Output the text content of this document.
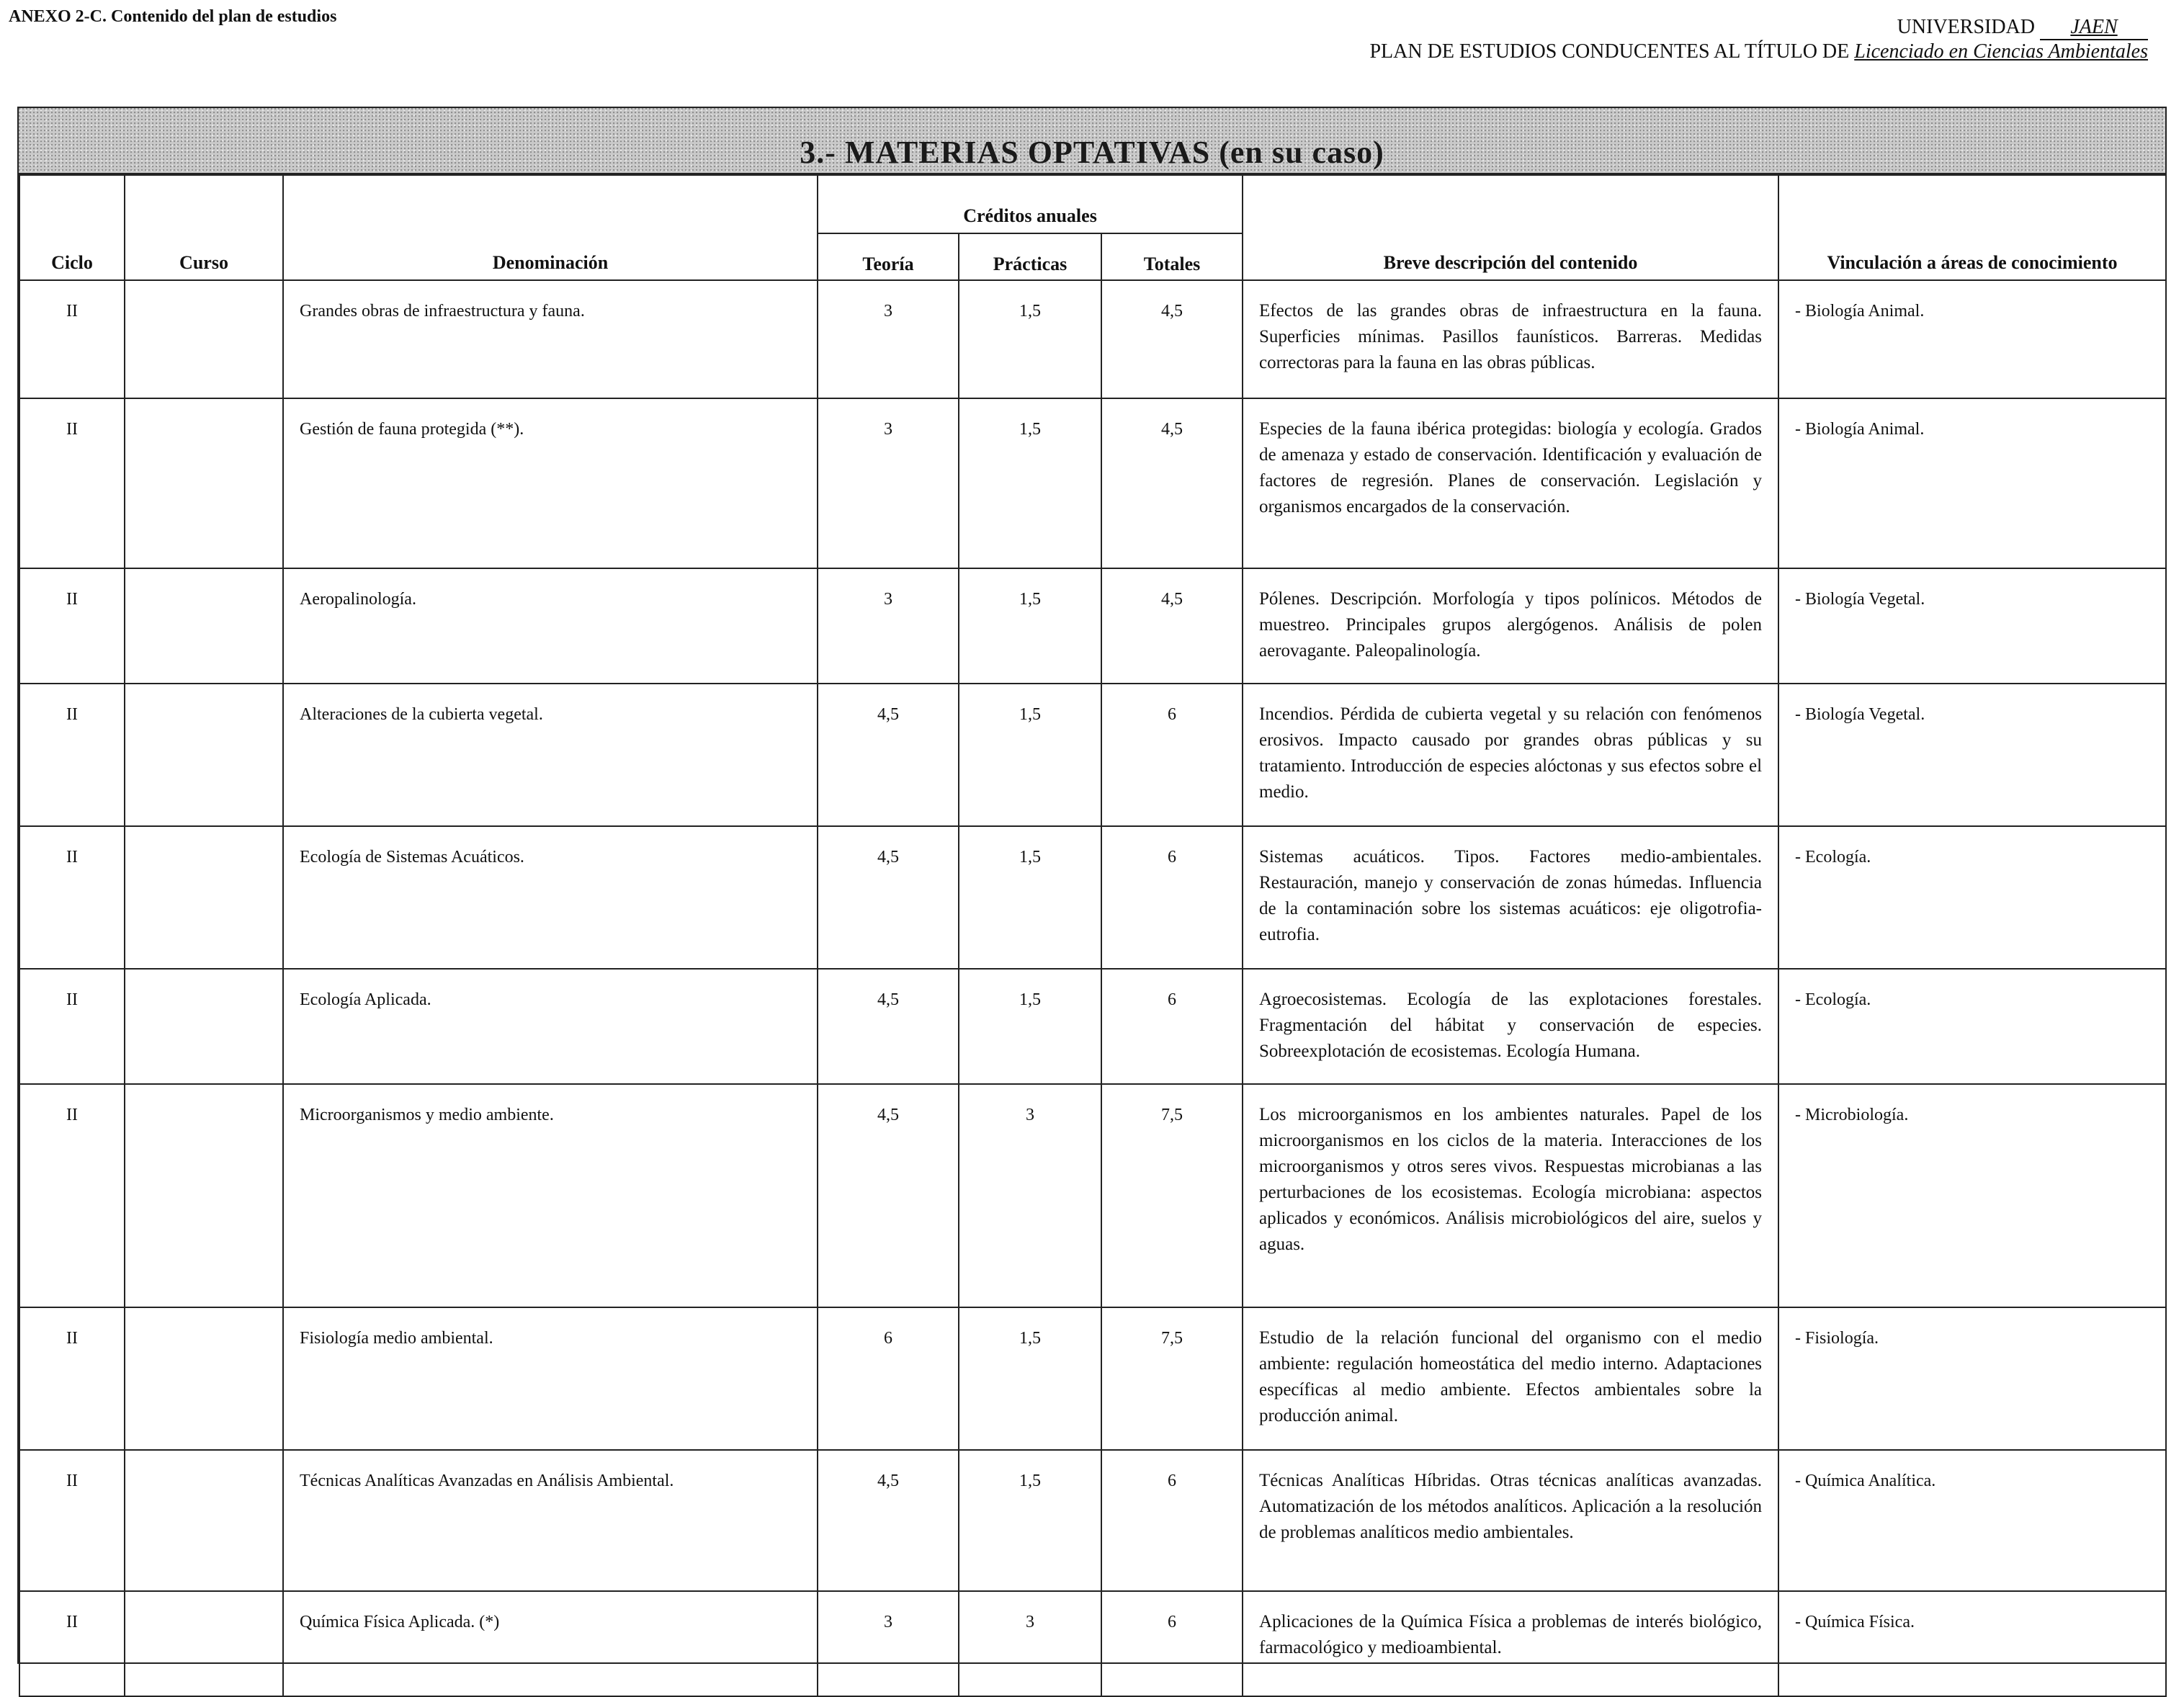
ANEXO 2-C. Contenido del plan de estudios	UNIVERSIDAD JAEN
PLAN DE ESTUDIOS CONDUCENTES AL TÍTULO DE Licenciado en Ciencias Ambientales
3.- MATERIAS OPTATIVAS (en su caso)
Ciclo	Curso	Denominación	Créditos anuales			Breve descripción del contenido	Vinculación a áreas de conocimiento
			Teoría	Prácticas	Totales		
II		Grandes obras de infraestructura y fauna.	3	1,5	4,5	Efectos de las grandes obras de infraestructura en la fauna. Superficies mínimas. Pasillos faunísticos. Barreras. Medidas correctoras para la fauna en las obras públicas.	- Biología Animal.
II		Gestión de fauna protegida (**).	3	1,5	4,5	Especies de la fauna ibérica protegidas: biología y ecología. Grados de amenaza y estado de conservación. Identificación y evaluación de factores de regresión. Planes de conservación. Legislación y organismos encargados de la conservación.	- Biología Animal.
II		Aeropalinología.	3	1,5	4,5	Pólenes. Descripción. Morfología y tipos polínicos. Métodos de muestreo. Principales grupos alergógenos. Análisis de polen aerovagante. Paleopalinología.	- Biología Vegetal.
II		Alteraciones de la cubierta vegetal.	4,5	1,5	6	Incendios. Pérdida de cubierta vegetal y su relación con fenómenos erosivos. Impacto causado por grandes obras públicas y su tratamiento. Introducción de especies alóctonas y sus efectos sobre el medio.	- Biología Vegetal.
II		Ecología de Sistemas Acuáticos.	4,5	1,5	6	Sistemas acuáticos. Tipos. Factores medio-ambientales. Restauración, manejo y conservación de zonas húmedas. Influencia de la contaminación sobre los sistemas acuáticos: eje oligotrofia-eutrofia.	- Ecología.
II		Ecología Aplicada.	4,5	1,5	6	Agroecosistemas. Ecología de las explotaciones forestales. Fragmentación del hábitat y conservación de especies. Sobreexplotación de ecosistemas. Ecología Humana.	- Ecología.
II		Microorganismos y medio ambiente.	4,5	3	7,5	Los microorganismos en los ambientes naturales. Papel de los microorganismos en los ciclos de la materia. Interacciones de los microorganismos y otros seres vivos. Respuestas microbianas a las perturbaciones de los ecosistemas. Ecología microbiana: aspectos aplicados y económicos. Análisis microbiológicos del aire, suelos y aguas.	- Microbiología.
II		Fisiología medio ambiental.	6	1,5	7,5	Estudio de la relación funcional del organismo con el medio ambiente: regulación homeostática del medio interno. Adaptaciones específicas al medio ambiente. Efectos ambientales sobre la producción animal.	- Fisiología.
II		Técnicas Analíticas Avanzadas en Análisis Ambiental.	4,5	1,5	6	Técnicas Analíticas Híbridas. Otras técnicas analíticas avanzadas. Automatización de los métodos analíticos. Aplicación a la resolución de problemas analíticos medio ambientales.	- Química Analítica.
II		Química Física Aplicada. (*)	3	3	6	Aplicaciones de la Química Física a problemas de interés biológico, farmacológico y medioambiental.	- Química Física.
